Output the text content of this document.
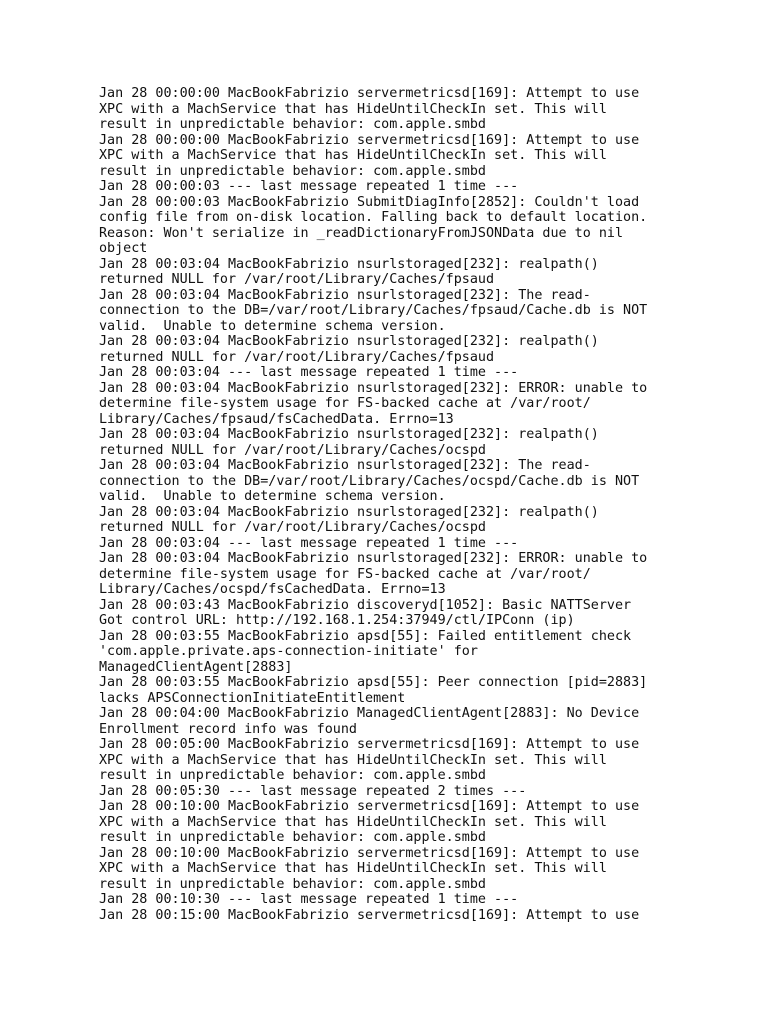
Jan 28 00:00:00 MacBookFabrizio servermetricsd[169]: Attempt to use
XPC with a MachService that has HideUntilCheckIn set. This will
result in unpredictable behavior: com.apple.smbd
Jan 28 00:00:00 MacBookFabrizio servermetricsd[169]: Attempt to use
XPC with a MachService that has HideUntilCheckIn set. This will
result in unpredictable behavior: com.apple.smbd
Jan 28 00:00:03 --- last message repeated 1 time ---
Jan 28 00:00:03 MacBookFabrizio SubmitDiagInfo[2852]: Couldn't load
config file from on-disk location. Falling back to default location.
Reason: Won't serialize in _readDictionaryFromJSONData due to nil
object
Jan 28 00:03:04 MacBookFabrizio nsurlstoraged[232]: realpath()
returned NULL for /var/root/Library/Caches/fpsaud
Jan 28 00:03:04 MacBookFabrizio nsurlstoraged[232]: The read-
connection to the DB=/var/root/Library/Caches/fpsaud/Cache.db is NOT
valid.  Unable to determine schema version.
Jan 28 00:03:04 MacBookFabrizio nsurlstoraged[232]: realpath()
returned NULL for /var/root/Library/Caches/fpsaud
Jan 28 00:03:04 --- last message repeated 1 time ---
Jan 28 00:03:04 MacBookFabrizio nsurlstoraged[232]: ERROR: unable to
determine file-system usage for FS-backed cache at /var/root/
Library/Caches/fpsaud/fsCachedData. Errno=13
Jan 28 00:03:04 MacBookFabrizio nsurlstoraged[232]: realpath()
returned NULL for /var/root/Library/Caches/ocspd
Jan 28 00:03:04 MacBookFabrizio nsurlstoraged[232]: The read-
connection to the DB=/var/root/Library/Caches/ocspd/Cache.db is NOT
valid.  Unable to determine schema version.
Jan 28 00:03:04 MacBookFabrizio nsurlstoraged[232]: realpath()
returned NULL for /var/root/Library/Caches/ocspd
Jan 28 00:03:04 --- last message repeated 1 time ---
Jan 28 00:03:04 MacBookFabrizio nsurlstoraged[232]: ERROR: unable to
determine file-system usage for FS-backed cache at /var/root/
Library/Caches/ocspd/fsCachedData. Errno=13
Jan 28 00:03:43 MacBookFabrizio discoveryd[1052]: Basic NATTServer
Got control URL: http://192.168.1.254:37949/ctl/IPConn (ip)
Jan 28 00:03:55 MacBookFabrizio apsd[55]: Failed entitlement check
'com.apple.private.aps-connection-initiate' for
ManagedClientAgent[2883]
Jan 28 00:03:55 MacBookFabrizio apsd[55]: Peer connection [pid=2883]
lacks APSConnectionInitiateEntitlement
Jan 28 00:04:00 MacBookFabrizio ManagedClientAgent[2883]: No Device
Enrollment record info was found
Jan 28 00:05:00 MacBookFabrizio servermetricsd[169]: Attempt to use
XPC with a MachService that has HideUntilCheckIn set. This will
result in unpredictable behavior: com.apple.smbd
Jan 28 00:05:30 --- last message repeated 2 times ---
Jan 28 00:10:00 MacBookFabrizio servermetricsd[169]: Attempt to use
XPC with a MachService that has HideUntilCheckIn set. This will
result in unpredictable behavior: com.apple.smbd
Jan 28 00:10:00 MacBookFabrizio servermetricsd[169]: Attempt to use
XPC with a MachService that has HideUntilCheckIn set. This will
result in unpredictable behavior: com.apple.smbd
Jan 28 00:10:30 --- last message repeated 1 time ---
Jan 28 00:15:00 MacBookFabrizio servermetricsd[169]: Attempt to use
